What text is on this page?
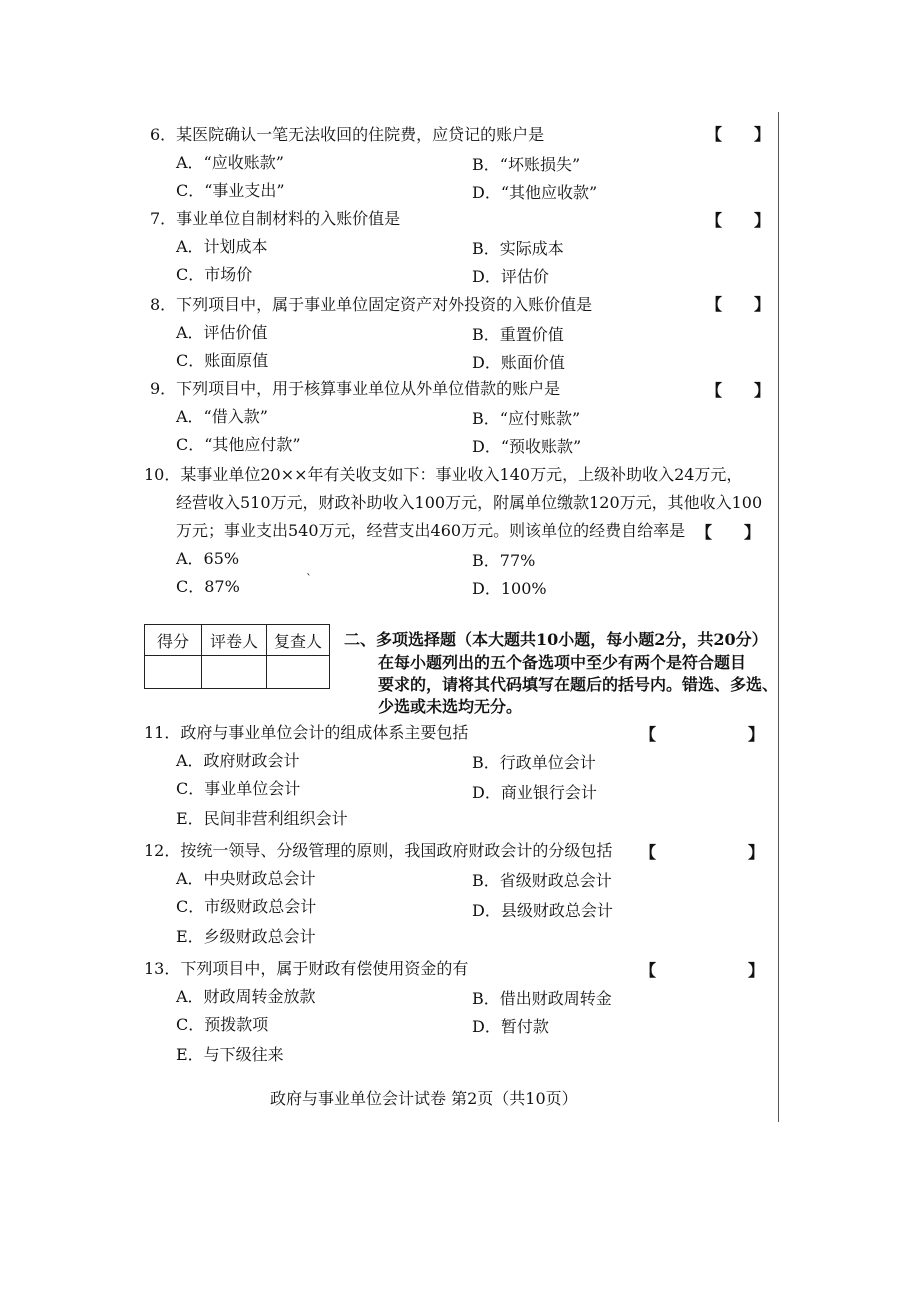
6．某医院确认一笔无法收回的住院费，应贷记的账户是	【　　】
A．“应收账款”	B．“坏账损失”
C．“事业支出”	D．“其他应收款”
7．事业单位自制材料的入账价值是	【　　】
A．计划成本	B．实际成本
C．市场价	D．评估价
8．下列项目中，属于事业单位固定资产对外投资的入账价值是	【　　】
A．评估价值	B．重置价值
C．账面原值	D．账面价值
9．下列项目中，用于核算事业单位从外单位借款的账户是	【　　】
A．“借入款”	B．“应付账款”
C．“其他应付款”	D．“预收账款”
10．某事业单位20××年有关收支如下：事业收入140万元，上级补助收入24万元，
经营收入510万元，财政补助收入100万元，附属单位缴款120万元，其他收入100
万元；事业支出540万元，经营支出460万元。则该单位的经费自给率是 【　　】
A．65%	B．77%
C．87%	D．100%
`
得分	评卷人	复查人
		二、多项选择题（本大题共10小题，每小题2分，共20分）
在每小题列出的五个备选项中至少有两个是符合题目
要求的，请将其代码填写在题后的括号内。错选、多选、
少选或未选均无分。
11．政府与事业单位会计的组成体系主要包括	【	】
A．政府财政会计	B．行政单位会计
C．事业单位会计	D．商业银行会计
E．民间非营利组织会计
12．按统一领导、分级管理的原则，我国政府财政会计的分级包括 【	】
A．中央财政总会计	B．省级财政总会计
C．市级财政总会计	D．县级财政总会计
E．乡级财政总会计
13．下列项目中，属于财政有偿使用资金的有	【	】
A．财政周转金放款	B．借出财政周转金
C．预拨款项	D．暂付款
E．与下级往来
政府与事业单位会计试卷 第2页（共10页）
